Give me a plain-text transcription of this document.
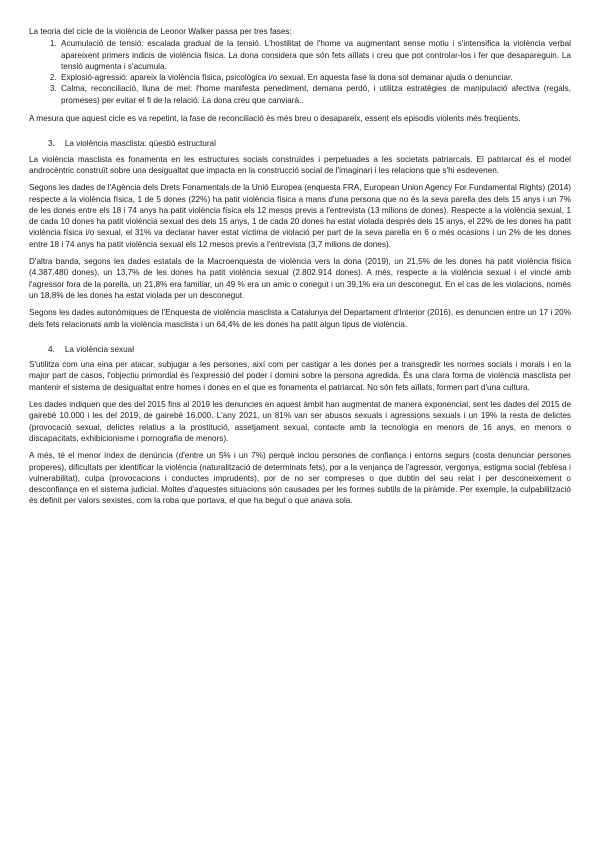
La teoria del cicle de la violència de Leonor Walker passa per tres fases:

1. Acumulació de tensió: escalada gradual de la tensió. L'hostilitat de l'home va augmentant sense motiu i s'intensifica la violència verbal apareixent primers indicis de violència física. La dona considera que són fets aïllats i creu que pot controlar-los i fer que desapareguin. La tensió augmenta i s'acumula.
2. Explosió-agressió: apareix la violència física, psicològica i/o sexual. En aquesta fase la dona sol demanar ajuda o denunciar.
3. Calma, reconciliació, lluna de mel: l'home manifesta penediment, demana perdó, i utilitza estratègies de manipulació afectiva (regals, promeses) per evitar el fi de la relació. La dona creu que canviarà..

A mesura que aquest cicle es va repetint, la fase de reconciliació és més breu o desapareix, essent els episodis violents més freqüents.

3. La violència masclista: qüestió estructural

La violència masclista es fonamenta en les estructures socials construïdes i perpetuades a les societats patriarcals. El patriarcat és el model androcèntric construït sobre una desigualtat que impacta en la construcció social de l'imaginari i les relacions que s'hi esdevenen.

Segons les dades de l'Agència dels Drets Fonamentals de la Unió Europea (enquesta FRA, European Union Agency For Fundamental Rights) (2014) respecte a la violència física, 1 de 5 dones (22%) ha patit violència física a mans d'una persona que no és la seva parella des dels 15 anys i un 7% de les dones entre els 18 i 74 anys ha patit violència física els 12 mesos previs a l'entrevista (13 milions de dones). Respecte a la violència sexual, 1 de cada 10 dones ha patit violència sexual des dels 15 anys, 1 de cada 20 dones ha estat violada després dels 15 anys, el 22% de les dones ha patit violència física i/o sexual, el 31% va declarar haver estat víctima de violació per part de la seva parella en 6 o més ocasions i un 2% de les dones entre 18 i 74 anys ha patit violència sexual els 12 mesos previs a l'entrevista (3,7 milions de dones).

D'altra banda, segons les dades estatals de la Macroenquesta de violència vers la dona (2019), un 21,5% de les dones ha patit violència física (4.387.480 dones), un 13,7% de les dones ha patit violència sexual (2.802.914 dones). A més, respecte a la violència sexual i el vincle amb l'agressor fora de la parella, un 21,8% era familiar, un 49 % era un amic o conegut i un 39,1% era un desconegut. En el cas de les violacions, només un 18,8% de les dones ha estat violada per un desconegut.

Segons les dades autonòmiques de l'Enquesta de violència masclista a Catalunya del Departament d'Interior (2016), es denuncien entre un 17 i 20% dels fets relacionats amb la violència masclista i un 64,4% de les dones ha patit algun tipus de violència.

4. La violència sexual

S'utilitza com una eina per atacar, subjugar a les persones, així com per castigar a les dones per a transgredir les normes socials i morals i en la major part de casos, l'objectiu primordial és l'expressió del poder i domini sobre la persona agredida. És una clara forma de violència masclista per mantenir el sistema de desigualtat entre homes i dones en el que es fonamenta el patriarcat. No són fets aïllats, formen part d'una cultura.

Les dades indiquen que des del 2015 fins al 2019 les denuncies en aquest àmbit han augmentat de manera exponencial, sent les dades del 2015 de gairebé 10.000 i les del 2019, de gairebé 16.000. L'any 2021, un 81% van ser abusos sexuals i agressions sexuals i un 19% la resta de delictes (provocació sexual, delictes relatius a la prostitució, assetjament sexual, contacte amb la tecnologia en menors de 16 anys, en menors o discapacitats, exhibicionisme i pornografia de menors).

A més, té el menor índex de denúncia (d'entre un 5% i un 7%) perquè inclou persones de confiança i entorns segurs (costa denunciar persones properes), dificultats per identificar la violència (naturalització de determinats fets), por a la venjança de l'agressor, vergonya, estigma social (feblesa i vulnerabilitat), culpa (provocacions i conductes imprudents), por de no ser compreses o que dubtin del seu relat i per desconeixement o desconfiança en el sistema judicial. Moltes d'aquestes situacions són causades per les formes subtils de la piràmide. Per exemple, la culpabilització és definit per valors sexistes, com la roba que portava, el que ha begut o que anava sola.
